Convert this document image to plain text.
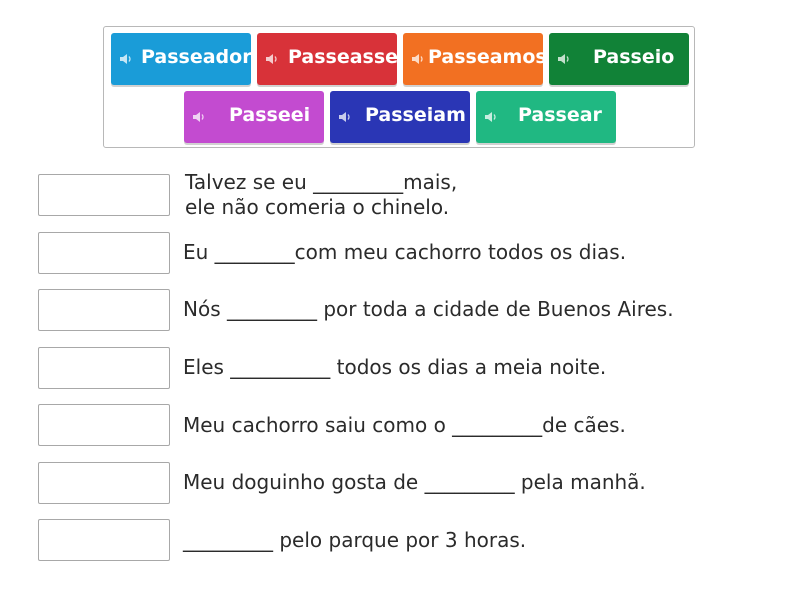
Passeador Passeasse Passeamos Passeio
Passeei	Passeiam	Passear
Talvez se eu _________mais,
ele não comeria o chinelo.
Eu ________com meu cachorro todos os dias.
Nós _________ por toda a cidade de Buenos Aires.
Eles __________ todos os dias a meia noite.
Meu cachorro saiu como o _________de cães.
Meu doguinho gosta de _________ pela manhã.
_________ pelo parque por 3 horas.
